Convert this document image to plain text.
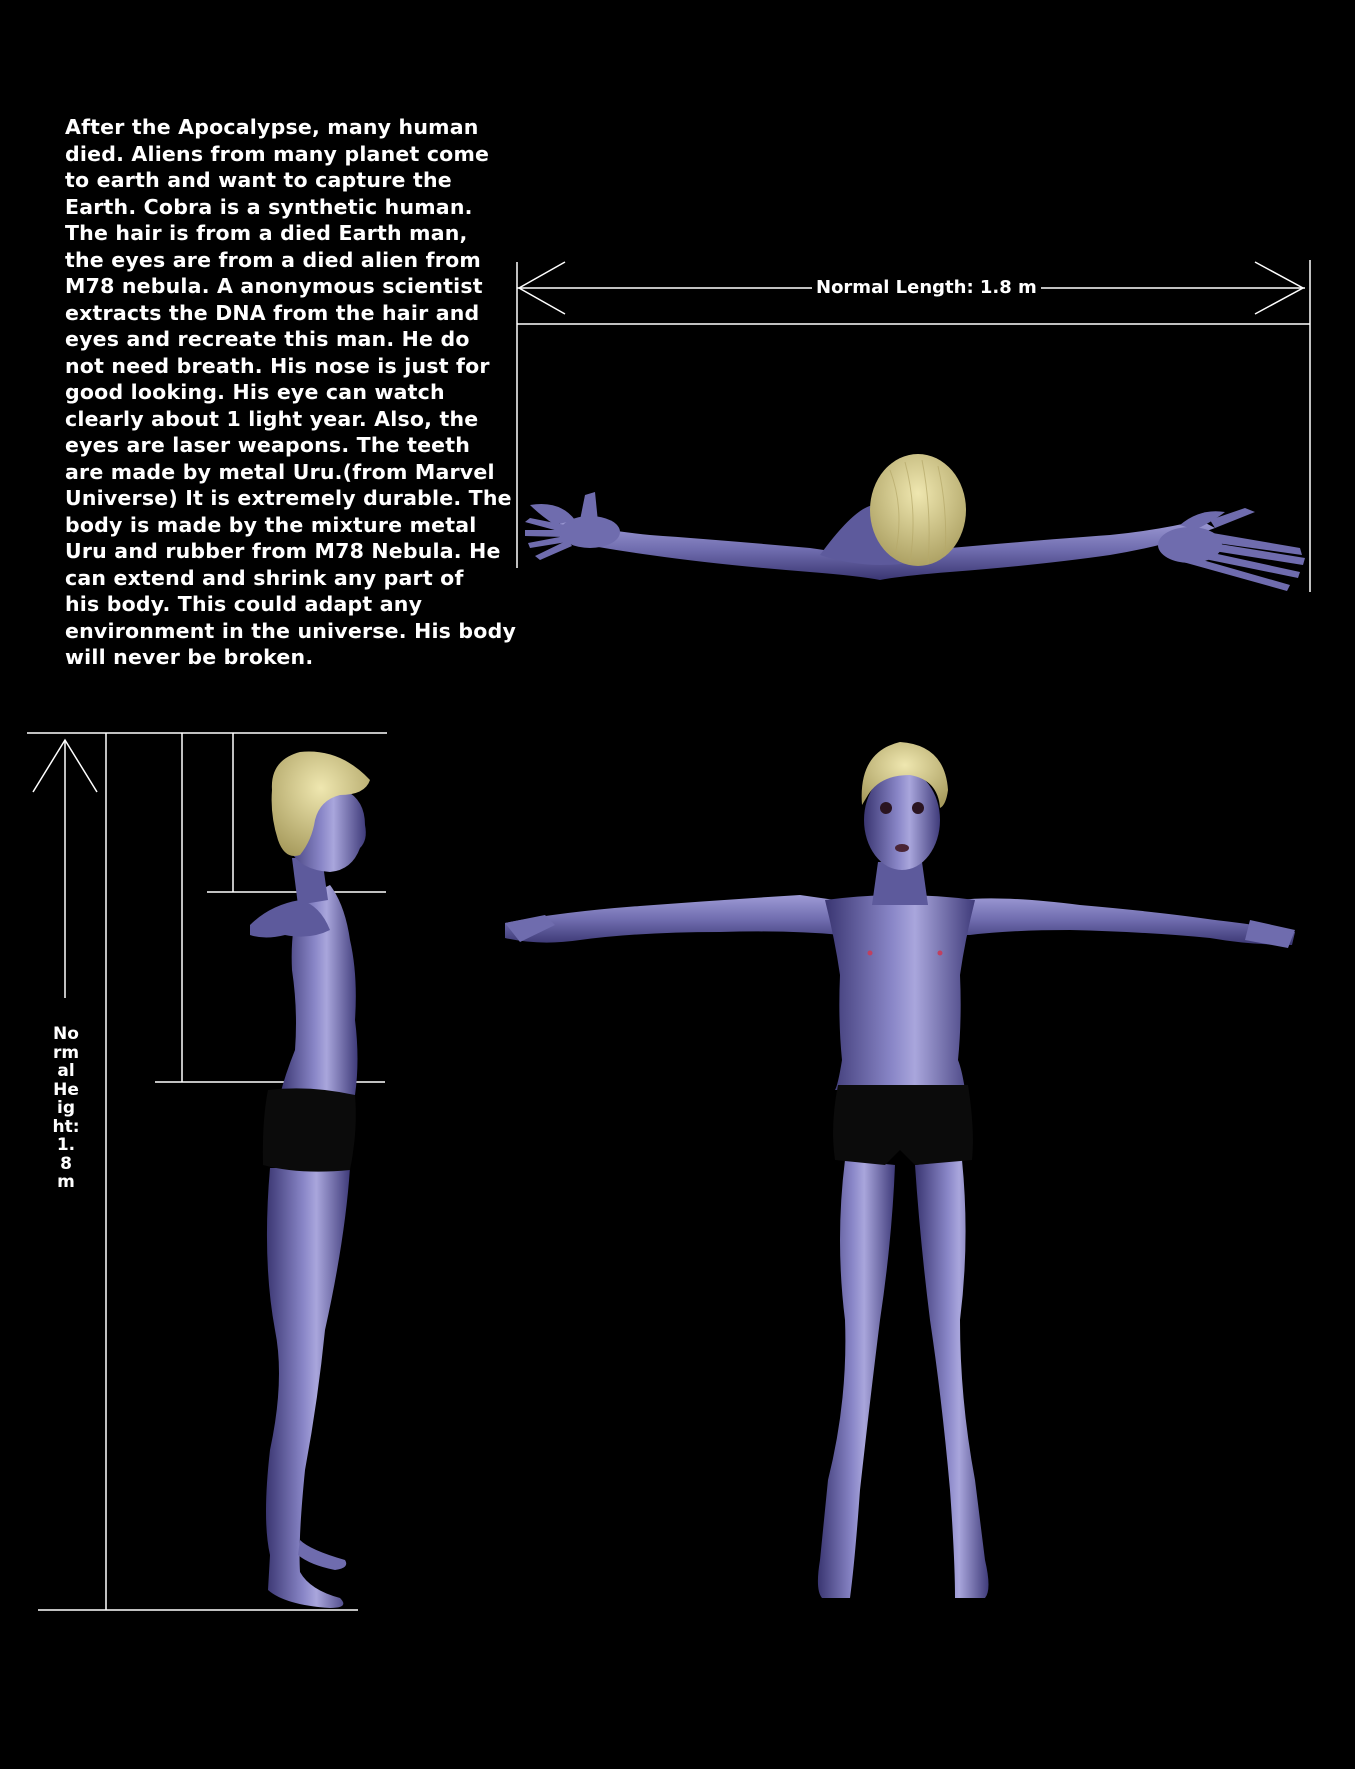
After the Apocalypse, many human
died. Aliens from many planet come
to earth and want to capture the
Earth. Cobra is a synthetic human.
The hair is from a died Earth man,
the eyes are from a died alien from
M78 nebula. A anonymous scientist
extracts the DNA from the hair and
eyes and recreate this man. He do
not need breath. His nose is just for
good looking. His eye can watch
clearly about 1 light year. Also, the
eyes are laser weapons. The teeth
are made by metal Uru.(from Marvel
Universe) It is extremely durable. The
body is made by the mixture metal
Uru and rubber from M78 Nebula. He
can extend and shrink any part of
his body. This could adapt any
environment in the universe. His body
will never be broken.
Normal Length: 1.8 m
Normal Height: 1.8m
